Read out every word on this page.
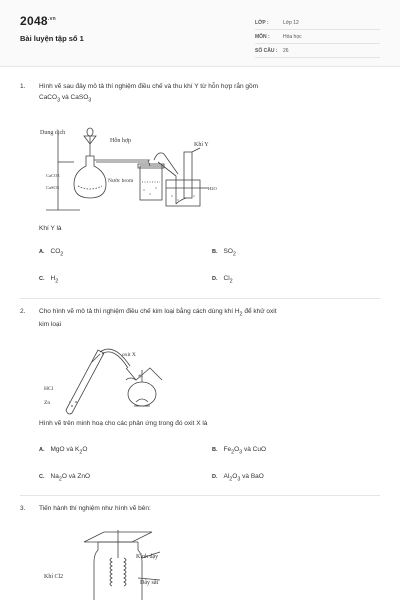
$2048^{.vn}$
Bài luyện tập số 1
LỚP :	Lớp 12
MÔN :	Hóa học
SỐ CÂU :	26
1. Hình vẽ sau đây mô tả thí nghiệm điều chế và thu khí Y từ hỗn hợp rắn gồm
CaCO$_3$ và CaSO$_3$
Dung dịch
Hỗn hợp
Khí Y
CaCO3
CaSO3
Nước brom
H2O
Khí Y là
A. $CO_2$	B. $SO_2$
C. $H_2$	D. $Cl_2$
2. Cho hình vẽ mô tả thí nghiệm điều chế kim loại bằng cách dùng khí $H_2$ để khử oxit
kim loại
oxit X
HCl
Zn
Hình vẽ trên minh hoạ cho các phản ứng trong đó oxit X là
A. MgO và $K_2O$	B. $Fe_2O_3$ và CuO
C. $Na_2O$ và ZnO	D. $Al_2O_3$ và BaO
3. Tiến hành thí nghiệm như hình vẽ bên:
Kính đậy
Khí Cl2
Dây sắt
